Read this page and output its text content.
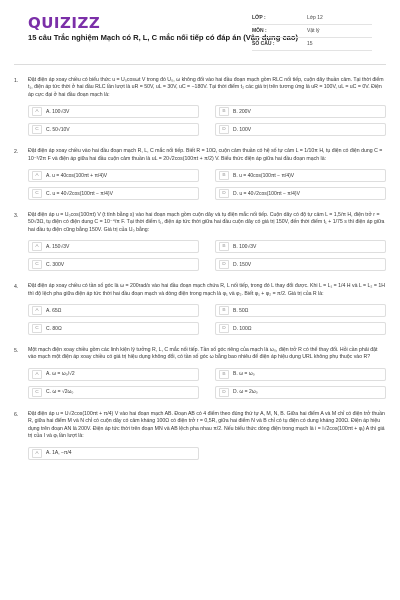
QUIZIZZ
15 câu Trắc nghiệm Mạch có R, L, C mắc nối tiếp có đáp án (Vận dụng cao)
LỚP :	Lớp 12
MÔN :	Vật lý
SỐ CÂU :	15
1.	Đặt điện áp xoay chiều có biểu thức u = U₀cosωt V trong đó U₀, ω không đổi vào hai đầu đoạn mạch gồm RLC nối tiếp, cuộn dây thuần cảm. Tại thời điểm t₁, điện áp tức thời ở hai đầu RLC lần lượt là uR = 50V, uL = 30V, uC = −180V. Tại thời điểm t₂ các giá trị trên tương ứng là uR = 100V, uL = uC = 0V. Điện áp cực đại ở hai đầu đoạn mạch là:
A	A. 100√3V	B	B. 200V
C	C. 50√10V	D	D. 100V
2.	Đặt điện áp xoay chiều vào hai đầu đoạn mạch R, L, C mắc nối tiếp. Biết R = 10Ω, cuộn cảm thuần có hệ số tự cảm L = 1/10π H, tụ điện có điện dung C = 10⁻³/2π F và điện áp giữa hai đầu cuộn cảm thuần là uL = 20√2cos(100πt + π/2) V. Biểu thức điện áp giữa hai đầu đoạn mạch là:
A	A. u = 40cos(100πt + π/4)V	B	B. u = 40cos(100πt − π/4)V
C	C. u = 40√2cos(100πt − π/4)V	D	D. u = 40√2cos(100πt − π/4)V
3.	Đặt điện áp u = U₀cos(100πt) V (t tính bằng s) vào hai đoạn mạch gồm cuộn dây và tụ điện mắc nối tiếp. Cuộn dây có độ tự cảm L = 1,5/π H, điện trở r = 50√3Ω, tụ điện có điện dung C = 10⁻⁴/π F. Tại thời điểm t₁, điện áp tức thời giữa hai đầu cuộn dây có giá trị 150V, đến thời điểm t₁ + 1/75 s thì điện áp giữa hai đầu tụ điện cũng bằng 150V. Giá trị của U₀ bằng:
A	A. 150√3V	B	B. 100√3V
C	C. 300V	D	D. 150V
4.	Đặt điện áp xoay chiều có tần số góc là ω = 200rad/s vào hai đầu đoạn mạch chứa R, L nối tiếp, trong đó L thay đổi được. Khi L = L₁ = 1/4 H và L = L₂ = 1H thì độ lệch pha giữa điện áp tức thời hai đầu đoạn mạch và dòng điện trong mạch là φ₁ và φ₂. Biết φ₁ + φ₂ = π/2. Giá trị của R là:
A	A. 65Ω	B	B. 50Ω
C	C. 80Ω	D	D. 100Ω
5.	Một mạch điện xoay chiều gồm các linh kiện lý tưởng R, L, C mắc nối tiếp. Tần số góc riêng của mạch là ω₀, điện trở R có thể thay đổi. Hỏi cần phải đặt vào mạch một điện áp xoay chiều có giá trị hiệu dụng không đổi, có tần số góc ω bằng bao nhiêu để điện áp hiệu dụng URL không phụ thuộc vào R?
A	A. ω = ω₀/√2	B	B. ω = ω₀
C	C. ω = √2ω₀	D	D. ω = 2ω₀
6.	Đặt điện áp u = U√2cos(100πt + π/4) V vào hai đoạn mạch AB. Đoạn AB có 4 điểm theo đúng thứ tự A, M, N, B. Giữa hai điểm A và M chỉ có điện trở thuần R, giữa hai điểm M và N chỉ có cuộn dây có cảm kháng 100Ω có điện trở r = 0,5R, giữa hai điểm N và B chỉ có tụ điện có dung kháng 200Ω. Điện áp hiệu dụng trên đoạn AN là 200V. Điện áp tức thời trên đoạn MN và AB lệch pha nhau π/2. Nếu biểu thức dòng điện trong mạch là i = I√2cos(100πt + φᵢ) A thì giá trị của I và φᵢ lần lượt là:
A	A. 1A, −π/4
